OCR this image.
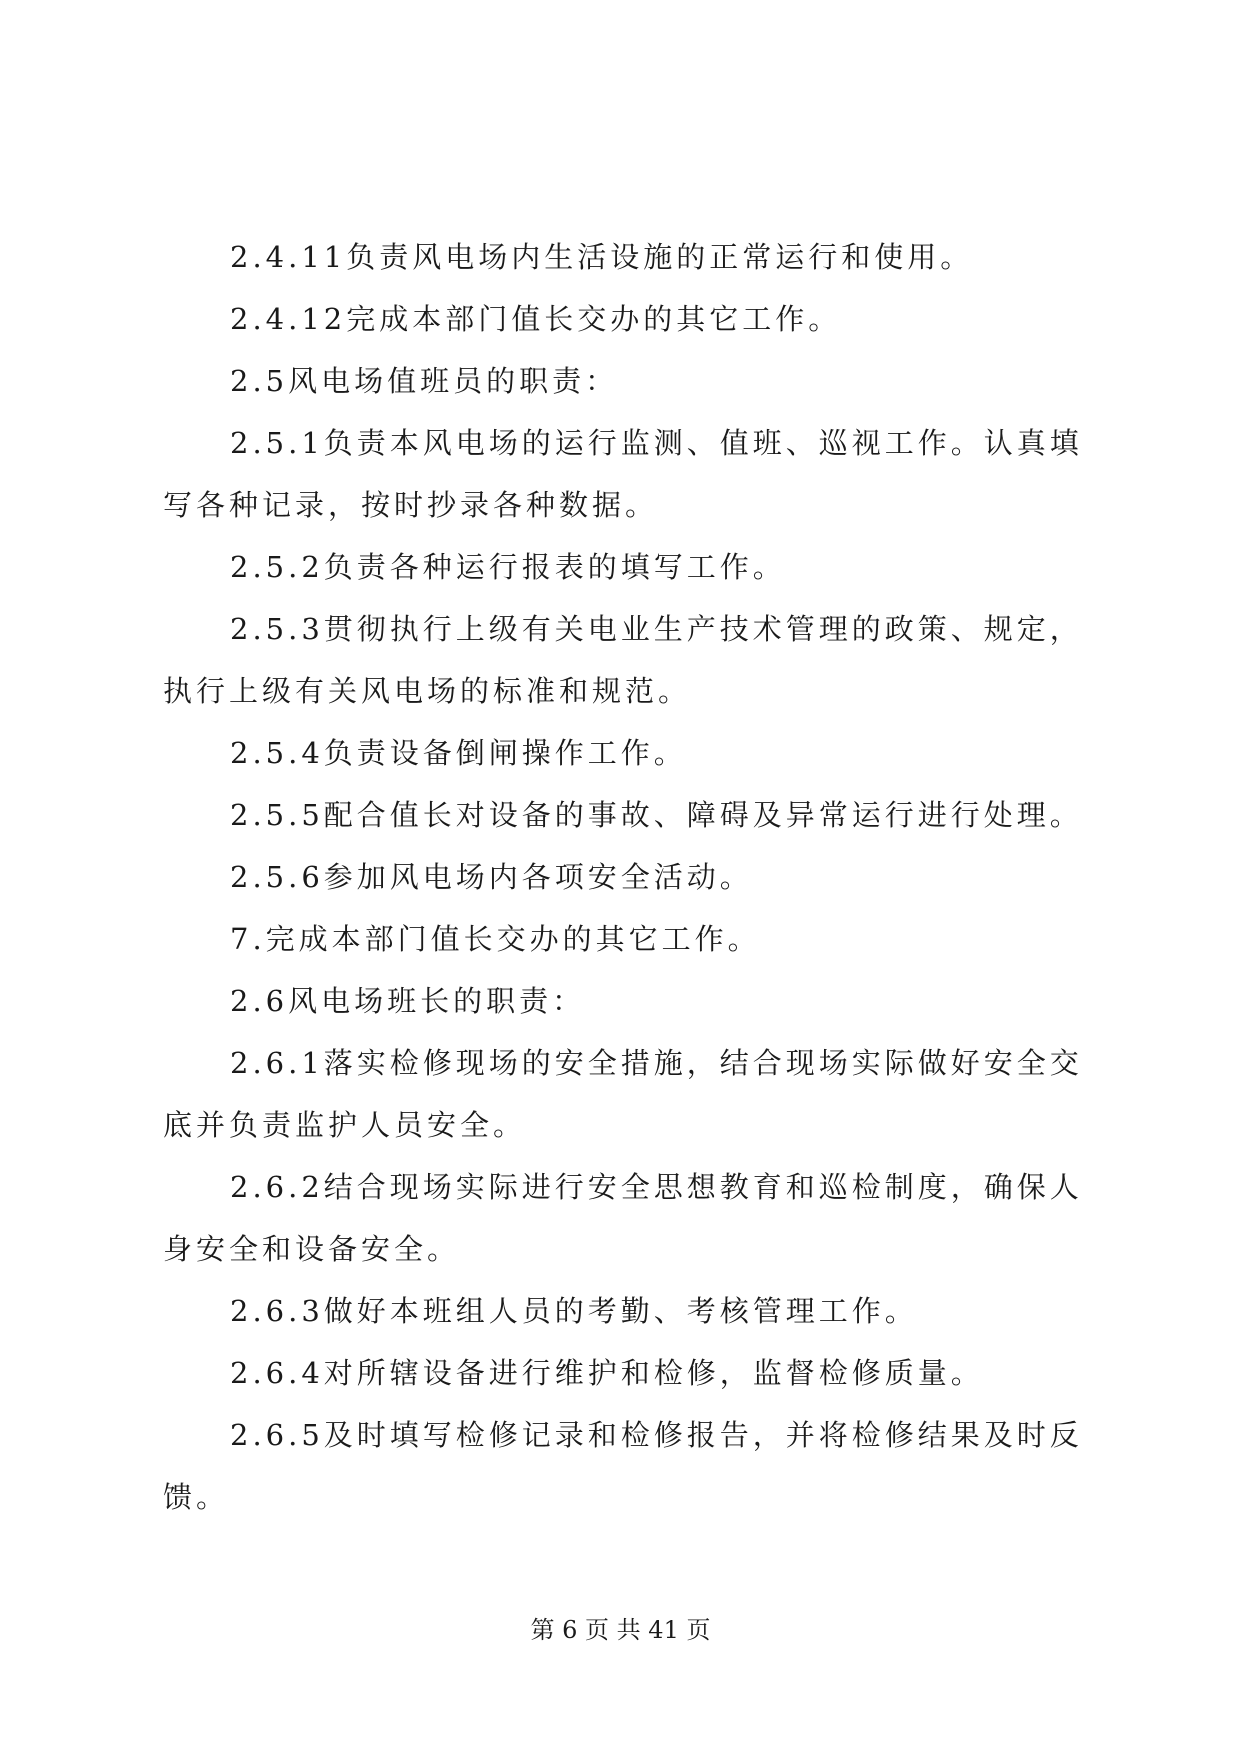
2.4.11负责风电场内生活设施的正常运行和使用。

2.4.12完成本部门值长交办的其它工作。

2.5风电场值班员的职责：

2.5.1负责本风电场的运行监测、值班、巡视工作。认真填写各种记录，按时抄录各种数据。

2.5.2负责各种运行报表的填写工作。

2.5.3贯彻执行上级有关电业生产技术管理的政策、规定，执行上级有关风电场的标准和规范。

2.5.4负责设备倒闸操作工作。

2.5.5配合值长对设备的事故、障碍及异常运行进行处理。

2.5.6参加风电场内各项安全活动。

7.完成本部门值长交办的其它工作。

2.6风电场班长的职责：

2.6.1落实检修现场的安全措施，结合现场实际做好安全交底并负责监护人员安全。

2.6.2结合现场实际进行安全思想教育和巡检制度，确保人身安全和设备安全。

2.6.3做好本班组人员的考勤、考核管理工作。

2.6.4对所辖设备进行维护和检修，监督检修质量。

2.6.5及时填写检修记录和检修报告，并将检修结果及时反馈。

第 6 页 共 41 页
